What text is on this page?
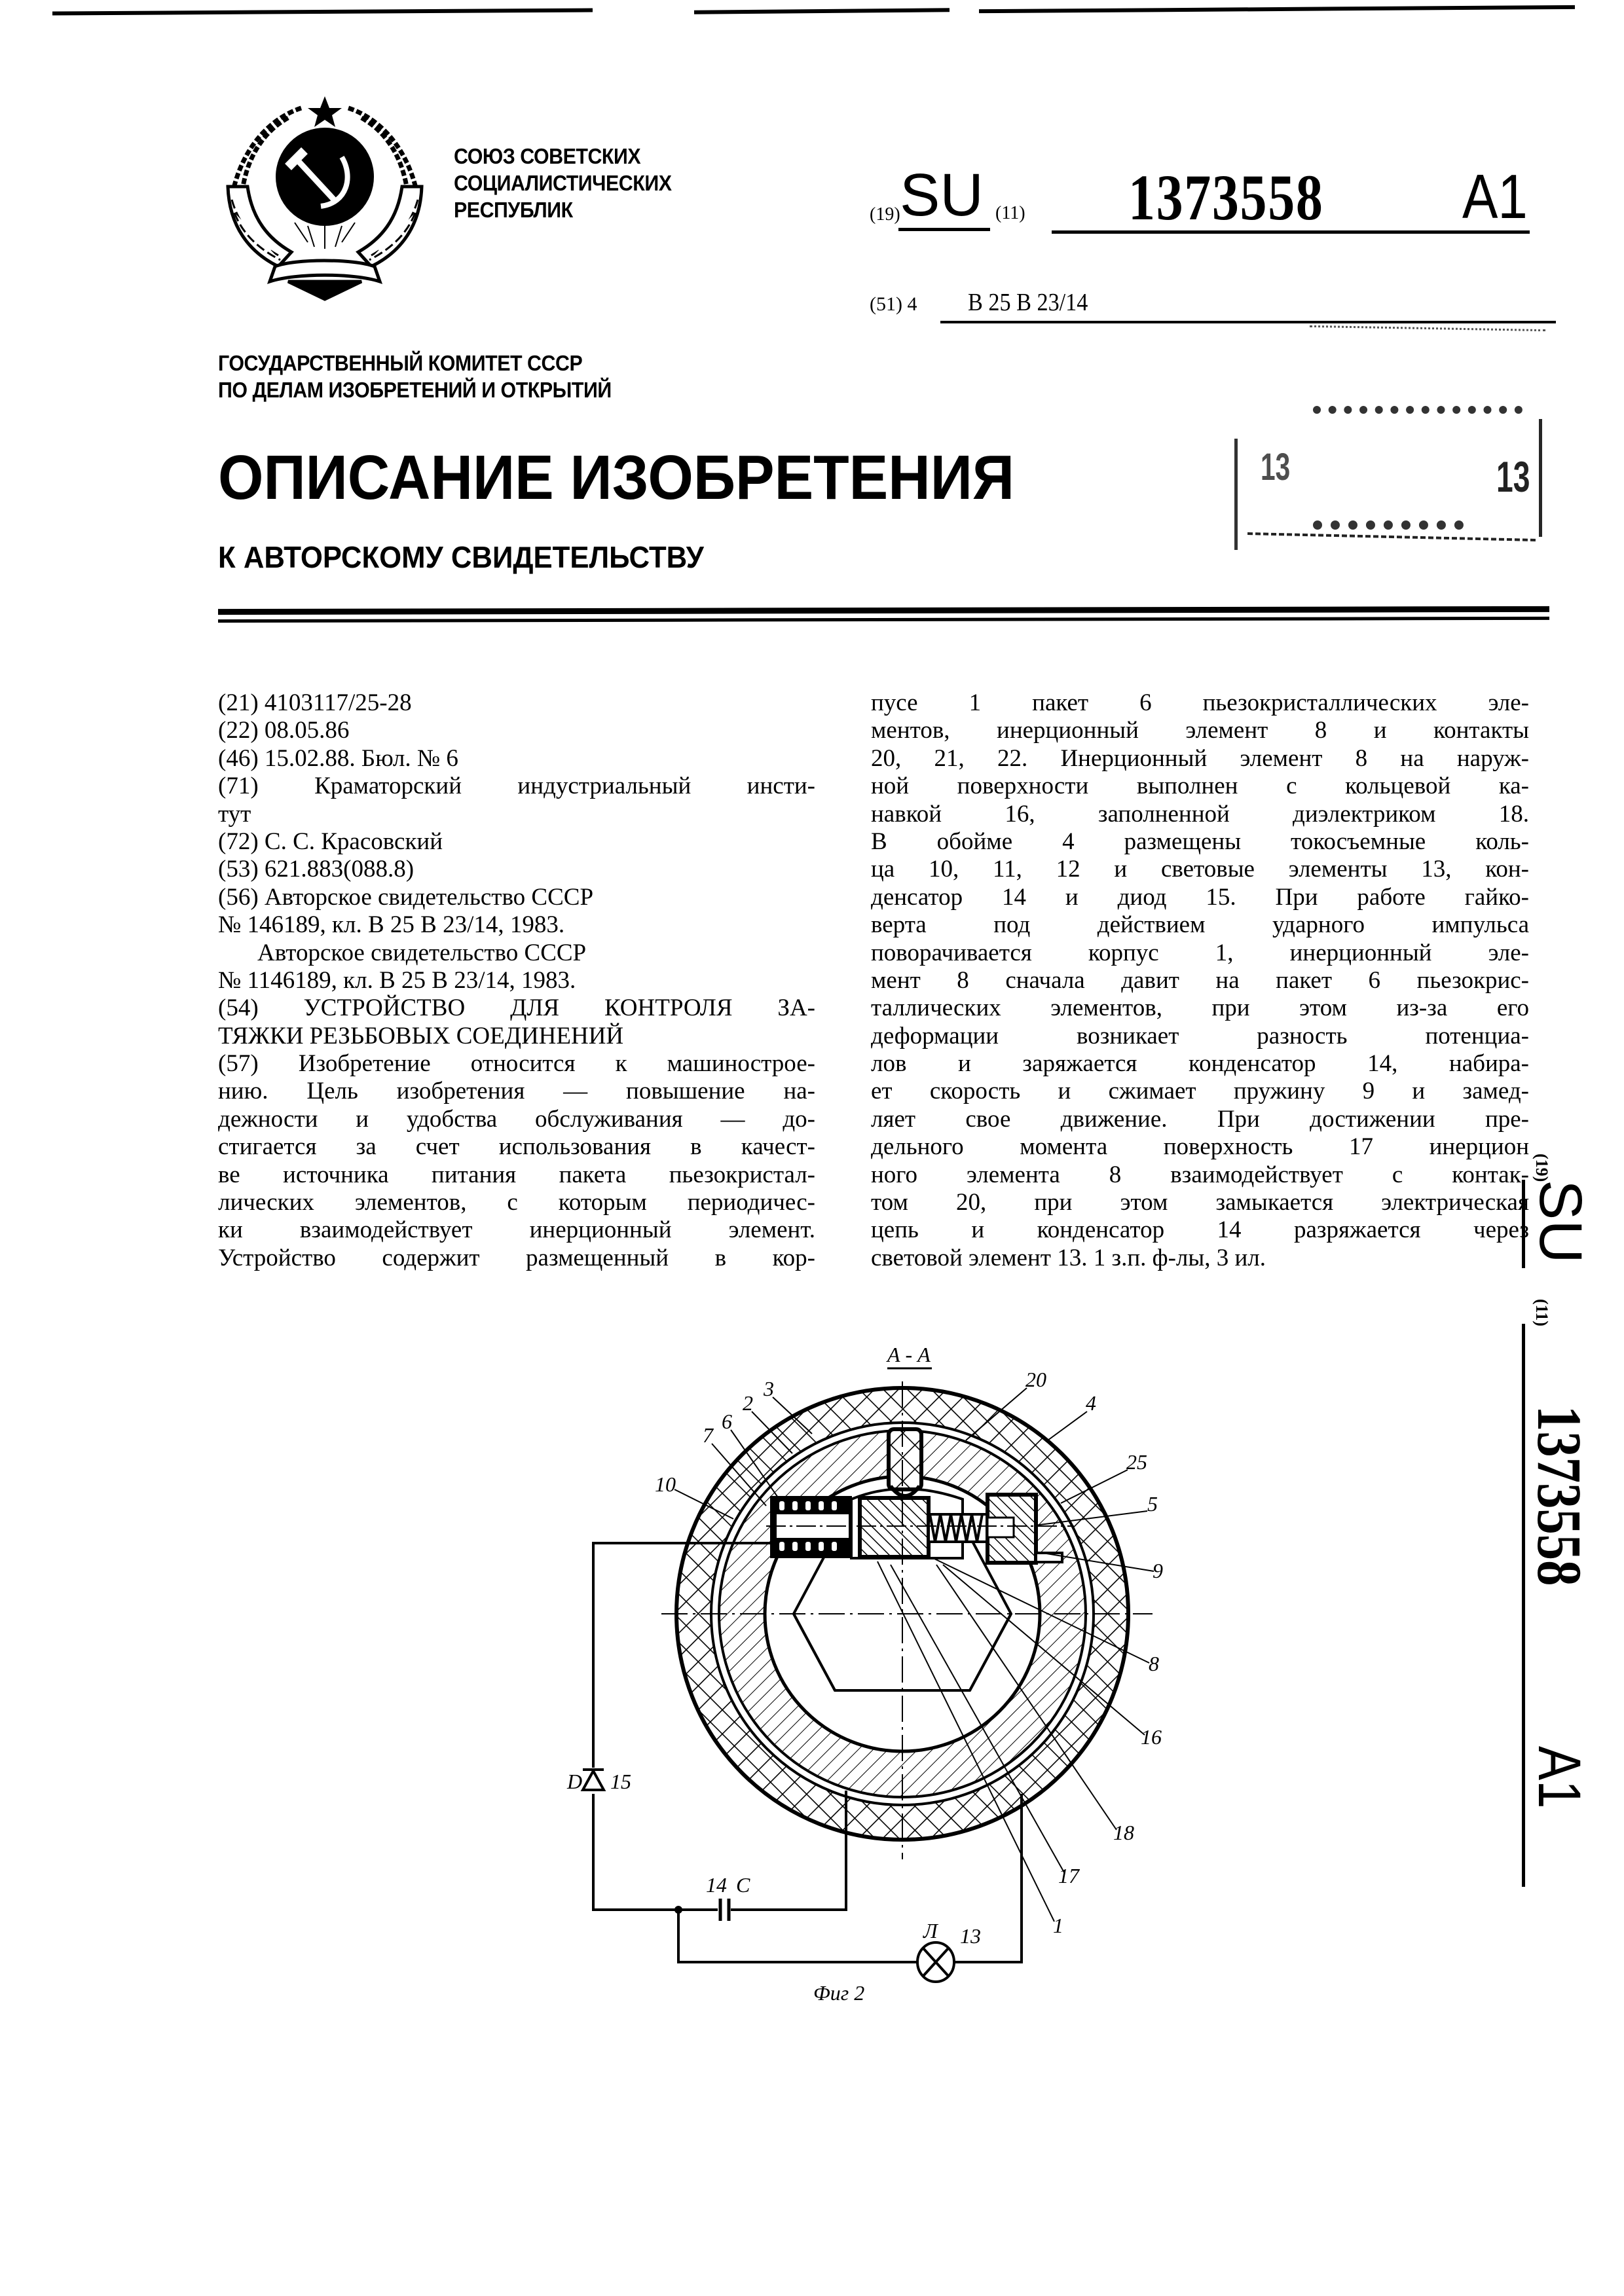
СОЮЗ СОВЕТСКИХ
СОЦИАЛИСТИЧЕСКИХ
РЕСПУБЛИК	(19) SU (11) 1373558 A1
(51) 4 B 25 B 23/14
ГОСУДАРСТВЕННЫЙ КОМИТЕТ СССР
ПО ДЕЛАМ ИЗОБРЕТЕНИЙ И ОТКРЫТИЙ
13	13
ОПИСАНИЕ ИЗОБРЕТЕНИЯ
К АВТОРСКОМУ СВИДЕТЕЛЬСТВУ
(21) 4103117/25-28
(22) 08.05.86
(46) 15.02.88. Бюл. № 6
(71) Краматорский индустриальный инсти-
тут
(72) С. С. Красовский
(53) 621.883(088.8)
(56) Авторское свидетельство СССР
№ 146189, кл. В 25 В 23/14, 1983.
Авторское свидетельство СССР
№ 1146189, кл. В 25 В 23/14, 1983.
(54) УСТРОЙСТВО ДЛЯ КОНТРОЛЯ ЗА-
ТЯЖКИ РЕЗЬБОВЫХ СОЕДИНЕНИЙ
(57) Изобретение относится к машинострое-
нию. Цель изобретения — повышение на-
дежности и удобства обслуживания — до-
стигается за счет использования в качест-
ве источника питания пакета пьезокристал-
лических элементов, с которым периодичес-
ки взаимодействует инерционный элемент.
Устройство содержит размещенный в кор-
пусе 1 пакет 6 пьезокристаллических эле-
ментов, инерционный элемент 8 и контакты
20, 21, 22. Инерционный элемент 8 на наруж-
ной поверхности выполнен с кольцевой ка-
навкой 16, заполненной диэлектриком 18.
В обойме 4 размещены токосъемные коль-
ца 10, 11, 12 и световые элементы 13, кон-
денсатор 14 и диод 15. При работе гайко-
верта под действием ударного импульса
поворачивается корпус 1, инерционный эле-
мент 8 сначала давит на пакет 6 пьезокрис-
таллических элементов, при этом из-за его
деформации возникает разность потенциа-
лов и заряжается конденсатор 14, набира-
ет скорость и сжимает пружину 9 и замед-
ляет свое движение. При достижении пре-
дельного момента поверхность 17 инерцион
ного элемента 8 взаимодействует с контак-
том 20, при этом замыкается электрическая
цепь и конденсатор 14 разряжается через
световой элемент 13. 1 з.п. ф-лы, 3 ил.
(19)
SU
(11)
1373558
A1
А - А
20
4
3
2
6
7
10
25
5
9
8
16
18
17
1
D 15
14 C
Л 13
Фиг 2
